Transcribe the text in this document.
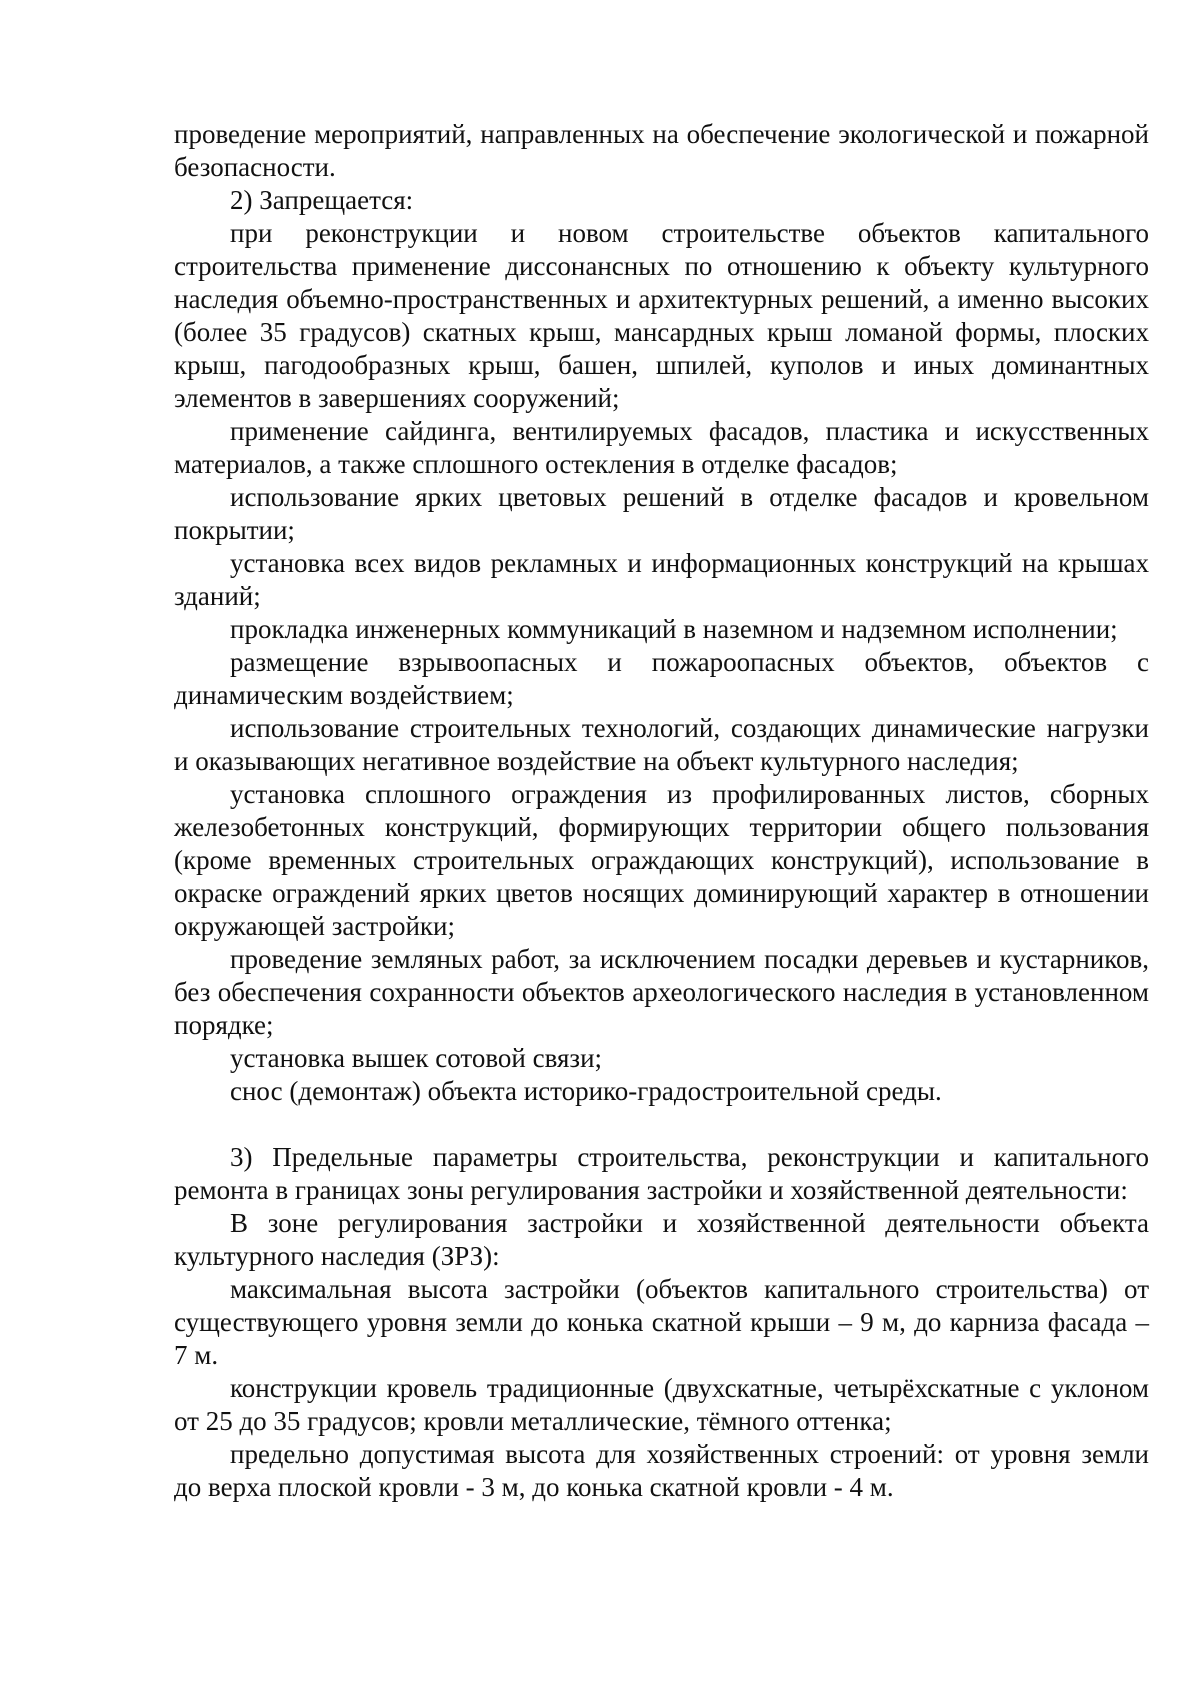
проведение мероприятий, направленных на обеспечение экологической и пожарной безопасности.

2) Запрещается:

при реконструкции и новом строительстве объектов капитального строительства применение диссонансных по отношению к объекту культурного наследия объемно-пространственных и архитектурных решений, а именно высоких (более 35 градусов) скатных крыш, мансардных крыш ломаной формы, плоских крыш, пагодообразных крыш, башен, шпилей, куполов и иных доминантных элементов в завершениях сооружений;

применение сайдинга, вентилируемых фасадов, пластика и искусственных материалов, а также сплошного остекления в отделке фасадов;

использование ярких цветовых решений в отделке фасадов и кровельном покрытии;

установка всех видов рекламных и информационных конструкций на крышах зданий;

прокладка инженерных коммуникаций в наземном и надземном исполнении;

размещение взрывоопасных и пожароопасных объектов, объектов с динамическим воздействием;

использование строительных технологий, создающих динамические нагрузки и оказывающих негативное воздействие на объект культурного наследия;

установка сплошного ограждения из профилированных листов, сборных железобетонных конструкций, формирующих территории общего пользования (кроме временных строительных ограждающих конструкций), использование в окраске ограждений ярких цветов носящих доминирующий характер в отношении окружающей застройки;

проведение земляных работ, за исключением посадки деревьев и кустарников, без обеспечения сохранности объектов археологического наследия в установленном порядке;

установка вышек сотовой связи;

снос (демонтаж) объекта историко-градостроительной среды.

3) Предельные параметры строительства, реконструкции и капитального ремонта в границах зоны регулирования застройки и хозяйственной деятельности:

В зоне регулирования застройки и хозяйственной деятельности объекта культурного наследия (ЗРЗ):

максимальная высота застройки (объектов капитального строительства) от существующего уровня земли до конька скатной крыши – 9 м, до карниза фасада – 7 м.

конструкции кровель традиционные (двухскатные, четырёхскатные с уклоном от 25 до 35 градусов; кровли металлические, тёмного оттенка;

предельно допустимая высота для хозяйственных строений: от уровня земли до верха плоской кровли - 3 м, до конька скатной кровли - 4 м.
